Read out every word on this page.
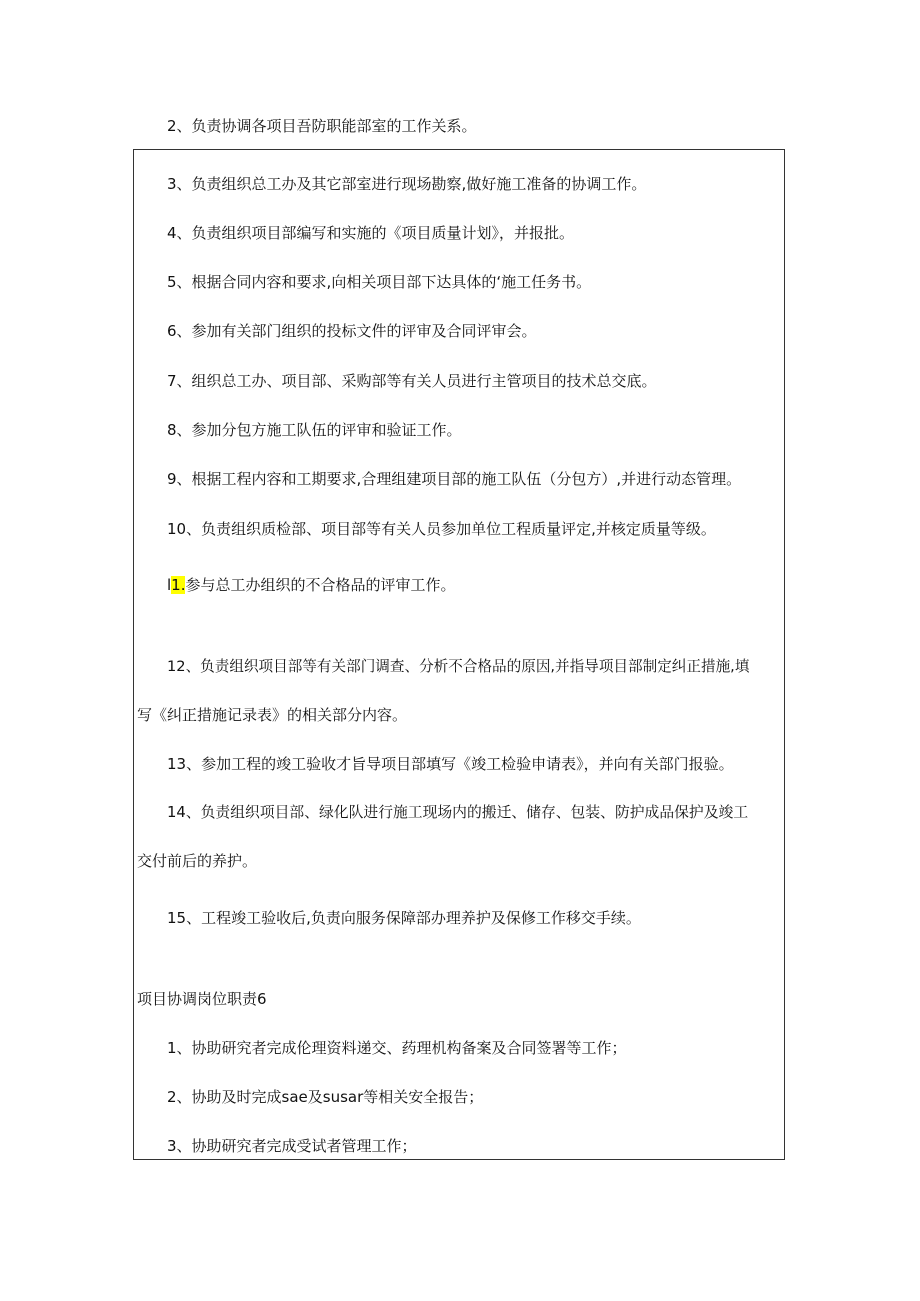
2、负责协调各项目吾防职能部室的工作关系。

3、负责组织总工办及其它部室进行现场勘察,做好施工准备的协调工作。

4、负责组织项目部编写和实施的《项目质量计划》，并报批。

5、根据合同内容和要求,向相关项目部下达具体的‘施工任务书。

6、参加有关部门组织的投标文件的评审及合同评审会。

7、组织总工办、项目部、采购部等有关人员进行主管项目的技术总交底。

8、参加分包方施工队伍的评审和验证工作。

9、根据工程内容和工期要求,合理组建项目部的施工队伍（分包方）,并进行动态管理。

10、负责组织质检部、项目部等有关人员参加单位工程质量评定,并核定质量等级。

l1.参与总工办组织的不合格品的评审工作。

12、负责组织项目部等有关部门调查、分析不合格品的原因,并指导项目部制定纠正措施,填

写《纠正措施记录表》的相关部分内容。

13、参加工程的竣工验收才旨导项目部填写《竣工检验申请表》，并向有关部门报验。

14、负责组织项目部、绿化队进行施工现场内的搬迁、储存、包装、防护成品保护及竣工

交付前后的养护。

15、工程竣工验收后,负责向服务保障部办理养护及保修工作移交手续。

项目协调岗位职责6

1、协助研究者完成伦理资料递交、药理机构备案及合同签署等工作；

2、协助及时完成sae及susar等相关安全报告；

3、协助研究者完成受试者管理工作；
